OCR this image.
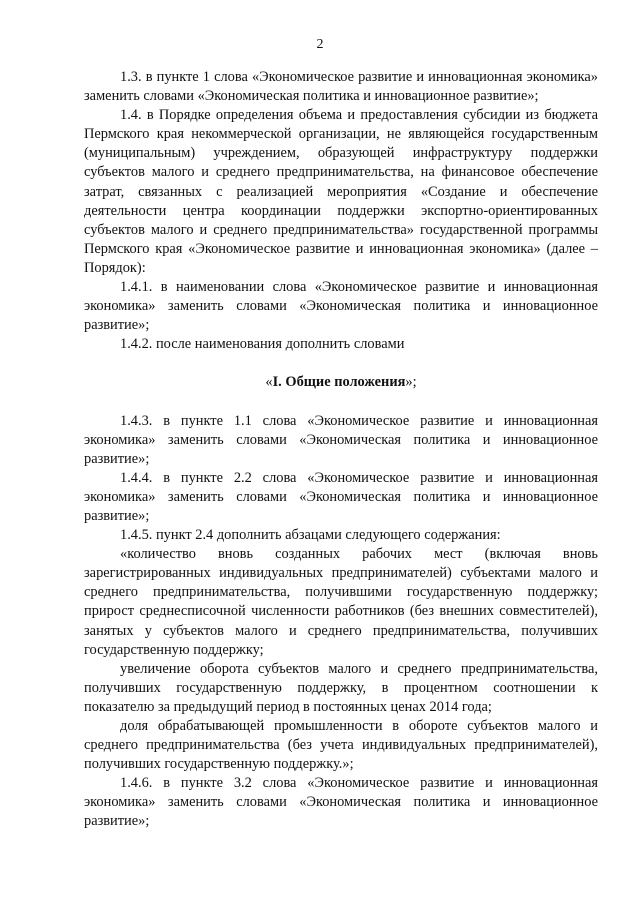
2

1.3. в пункте 1 слова «Экономическое развитие и инновационная экономика» заменить словами «Экономическая политика и инновационное развитие»;

1.4. в Порядке определения объема и предоставления субсидии из бюджета Пермского края некоммерческой организации, не являющейся государственным (муниципальным) учреждением, образующей инфраструктуру поддержки субъектов малого и среднего предпринимательства, на финансовое обеспечение затрат, связанных с реализацией мероприятия «Создание и обеспечение деятельности центра координации поддержки экспортно-ориентированных субъектов малого и среднего предпринимательства» государственной программы Пермского края «Экономическое развитие и инновационная экономика» (далее – Порядок):

1.4.1. в наименовании слова «Экономическое развитие и инновационная экономика» заменить словами «Экономическая политика и инновационное развитие»;

1.4.2. после наименования дополнить словами

«I. Общие положения»;

1.4.3. в пункте 1.1 слова «Экономическое развитие и инновационная экономика» заменить словами «Экономическая политика и инновационное развитие»;

1.4.4. в пункте 2.2 слова «Экономическое развитие и инновационная экономика» заменить словами «Экономическая политика и инновационное развитие»;

1.4.5. пункт 2.4 дополнить абзацами следующего содержания:

«количество вновь созданных рабочих мест (включая вновь зарегистрированных индивидуальных предпринимателей) субъектами малого и среднего предпринимательства, получившими государственную поддержку; прирост среднесписочной численности работников (без внешних совместителей), занятых у субъектов малого и среднего предпринимательства, получивших государственную поддержку;

увеличение оборота субъектов малого и среднего предпринимательства, получивших государственную поддержку, в процентном соотношении к показателю за предыдущий период в постоянных ценах 2014 года;

доля обрабатывающей промышленности в обороте субъектов малого и среднего предпринимательства (без учета индивидуальных предпринимателей), получивших государственную поддержку.»;

1.4.6. в пункте 3.2 слова «Экономическое развитие и инновационная экономика» заменить словами «Экономическая политика и инновационное развитие»;
